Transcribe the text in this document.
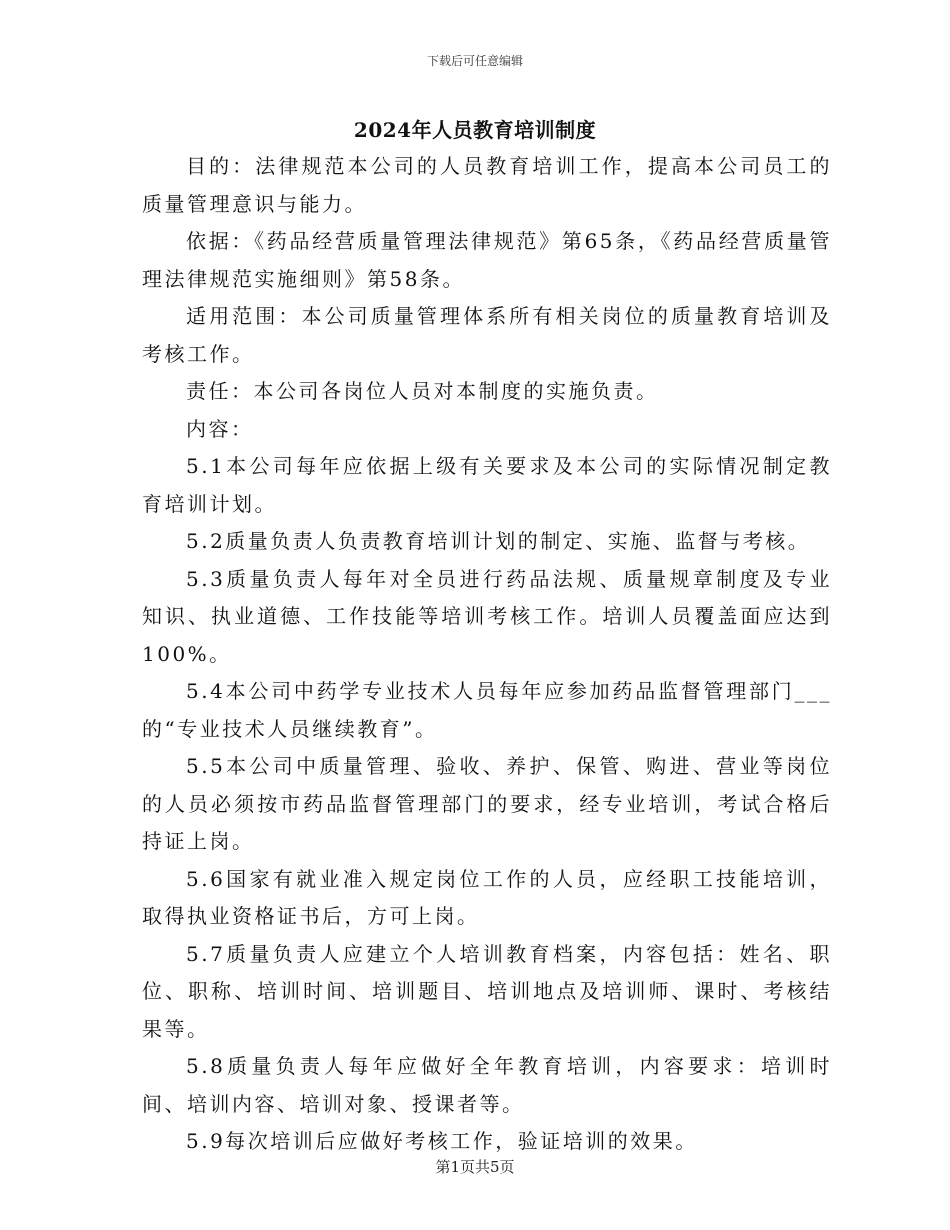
下载后可任意编辑
2024年人员教育培训制度

目的：法律规范本公司的人员教育培训工作，提高本公司员工的质量管理意识与能力。

依据：《药品经营质量管理法律规范》第65条，《药品经营质量管理法律规范实施细则》第58条。

适用范围：本公司质量管理体系所有相关岗位的质量教育培训及考核工作。

责任：本公司各岗位人员对本制度的实施负责。

内容：

5.1本公司每年应依据上级有关要求及本公司的实际情况制定教育培训计划。

5.2质量负责人负责教育培训计划的制定、实施、监督与考核。

5.3质量负责人每年对全员进行药品法规、质量规章制度及专业知识、执业道德、工作技能等培训考核工作。培训人员覆盖面应达到100%。

5.4本公司中药学专业技术人员每年应参加药品监督管理部门___的“专业技术人员继续教育”。

5.5本公司中质量管理、验收、养护、保管、购进、营业等岗位的人员必须按市药品监督管理部门的要求，经专业培训，考试合格后持证上岗。

5.6国家有就业准入规定岗位工作的人员，应经职工技能培训，取得执业资格证书后，方可上岗。

5.7质量负责人应建立个人培训教育档案，内容包括：姓名、职位、职称、培训时间、培训题目、培训地点及培训师、课时、考核结果等。

5.8质量负责人每年应做好全年教育培训，内容要求：培训时间、培训内容、培训对象、授课者等。

5.9每次培训后应做好考核工作，验证培训的效果。

第1页共5页
